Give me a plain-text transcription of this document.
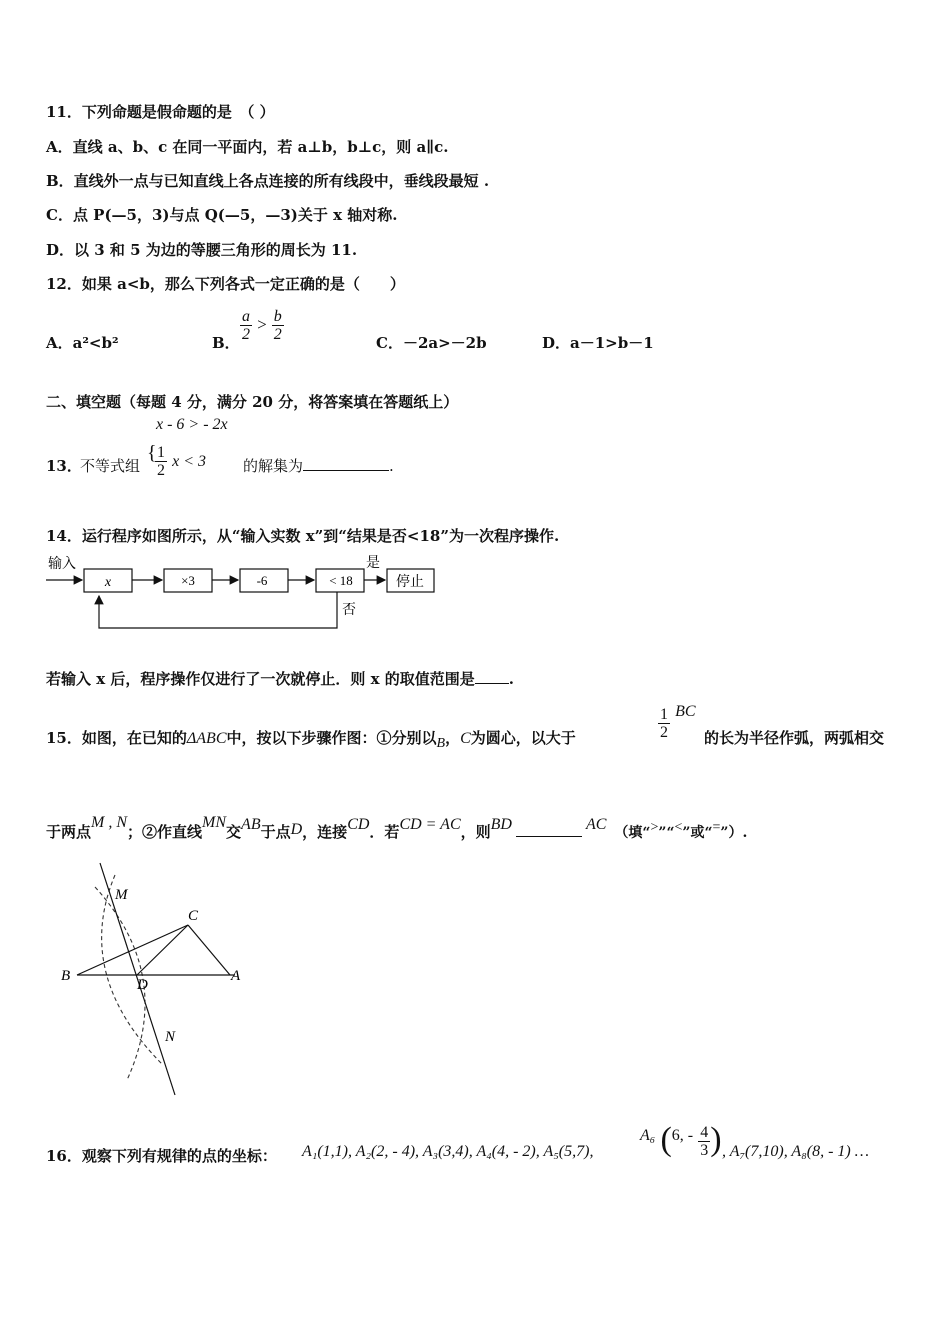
11．下列命题是假命题的是　（ ）
A．直线 a、b、c 在同一平面内，若 a⊥b，b⊥c，则 a∥c.
B．直线外一点与已知直线上各点连接的所有线段中，垂线段最短 .
C．点 P(—5，3)与点 Q(—5，—3)关于 x 轴对称.
D．以 3 和 5 为边的等腰三角形的周长为 11.
12．如果 a<b，那么下列各式一定正确的是（　　）
A．a²<b²	B． $\frac{a}{2} > \frac{b}{2}$	C．－2a>－2b	D．a－1>b－1
二、填空题（每题 4 分，满分 20 分，将答案填在答题纸上）
x - 6 > - 2x
13．
不等式组
{
$\frac{1}{2}$ x < 3 的解集为	.
14．运行程序如图所示，从“输入实数 x”到“结果是否<18”为一次程序操作.
输入
x	×3	-6	< 18
是
停止
否
若输入 x 后，程序操作仅进行了一次就停止．则 x 的取值范围是 .
15．如图，在已知的ΔABC中，按以下步骤作图：①分别以B，C为圆心，以大于	$\frac{1}{2}$ BC
的长为半径作弧，两弧相交
于两点M , N；②作直线MN交AB于点D，连接CD．若CD = AC，则BD	AC （填“>”“<”或“=”）.
M
C
B
D
A
N
16．观察下列有规律的点的坐标： A₁(1,1), A₂(2, - 4), A₃(3,4), A₄(4, - 2), A₅(5,7),
A₆ (6, - $\frac{4}{3}$ ) , A₇(7,10), A₈(8, - 1) …
